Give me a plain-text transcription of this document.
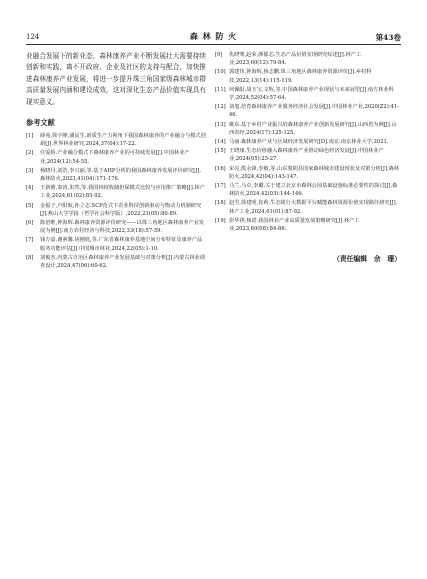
124	森 林 防 火	第43卷

业融合发展下的新业态，森林康养产业不断发展壮大需要持续创新和实践，离不开政府、企业及社区的支持与配合，加快推进森林康养产业发展，将进一步提升珠三角国家级森林城市群高质量发展内涵和建设成效，这对深化生态产品价值实现具有现实意义。

参考文献
[1] 薛苑,徐宇峰,潘民生.新质生产力视角下我国森林康养的产业融合与模式创新[J].世界林业研究,2024,37(04):17-22.
[2] 任爱娇.产业融合模式下森林康养产业的可持续发展[J].中国林业产业,2024(12):54-55.
[3] 杨晓丹,刘浩,李兴丽,等.基于AHP分析的我国森林康养发展评价研究[J].森林防火,2023,41(04):171-176.
[4] 王新雅,秦涛,朱然,等.我国林权收储担保模式比较与应用推广策略[J].林产工业,2024,61(02):85-92.
[5] 金福子,卢阳航,孙立志.SCP范式下农业科技创新驱动与衡动力机制研究[J].燕山大学学报（哲学社会科学版）,2022,23(05):80-89.
[6] 陈倍维,钟海辉.森林康养资源评价研究——以珠三角地区森林康养产业发展为例[J].南方农村经济与科技,2022,33(18):57-59.
[7] 钱万嘉,谢素馨,胡刚庭,等.广东省森林康养基地空间分布特征及康养产品服务功能评估[J].中国城市林业,2024,22(05):1-10.
[8] 刘俊杰.内蒙古自治区森林康养产业发展基础与对策分析[J].内蒙古林业调查设计,2024,47(06):60-62.
[9] 仇晓骞,赵荣,颜郁芯.生态产品价值实现研究综述[J].林产工业,2023,60(12):79-84.
[10] 郭建伟,钟海辉,杨志鹏.珠三角地区森林康养资源评价[J].乡村科技,2022,13(14):115-119.
[11] 何佩阳,胡玉宝,文辉,等.中国森林康养产业现状与未来展望[J].南方林业科学,2024,52(04):57-64.
[12] 刘旭.培育森林康养产业服务经济社会发展[J].中国林业产业,2020(Z2):41-46.
[13] 姚东.基于乡村产业振兴的森林康养产业创新发展研究[J].山西省为例[J].山西农经,2024(17):125-125.
[14] 马丽.森林康养产业与区域经济发展研究[D].南京:南京林业大学,2021.
[15] 王晓康.生态价值融入森林康养产业推动绿色经济发展[J].中国林业产业,2024(05):25-27.
[16] 宋亮,熊永锋,李敏,等.山东蒙阴县国家森林城市建设现状及对策分析[J].森林防火,2024,42(04):143-147.
[17] 马兰,马卓,李璐.关于建立北京市森林公园基础设施标准必要性的探讨[J].森林防火,2024,42(03):144-146.
[18] 赵雪,徐建明,崔莉.生态银行大数据平台赋能森林资源价值实现路径研究[J].林产工业,2024,61(01):87-92.
[19] 彭华祺,杨诺.我国林业产业高质量发展策略研究[J].林产工业,2023,60(08):84-86.
（责任编辑　余　珊）
